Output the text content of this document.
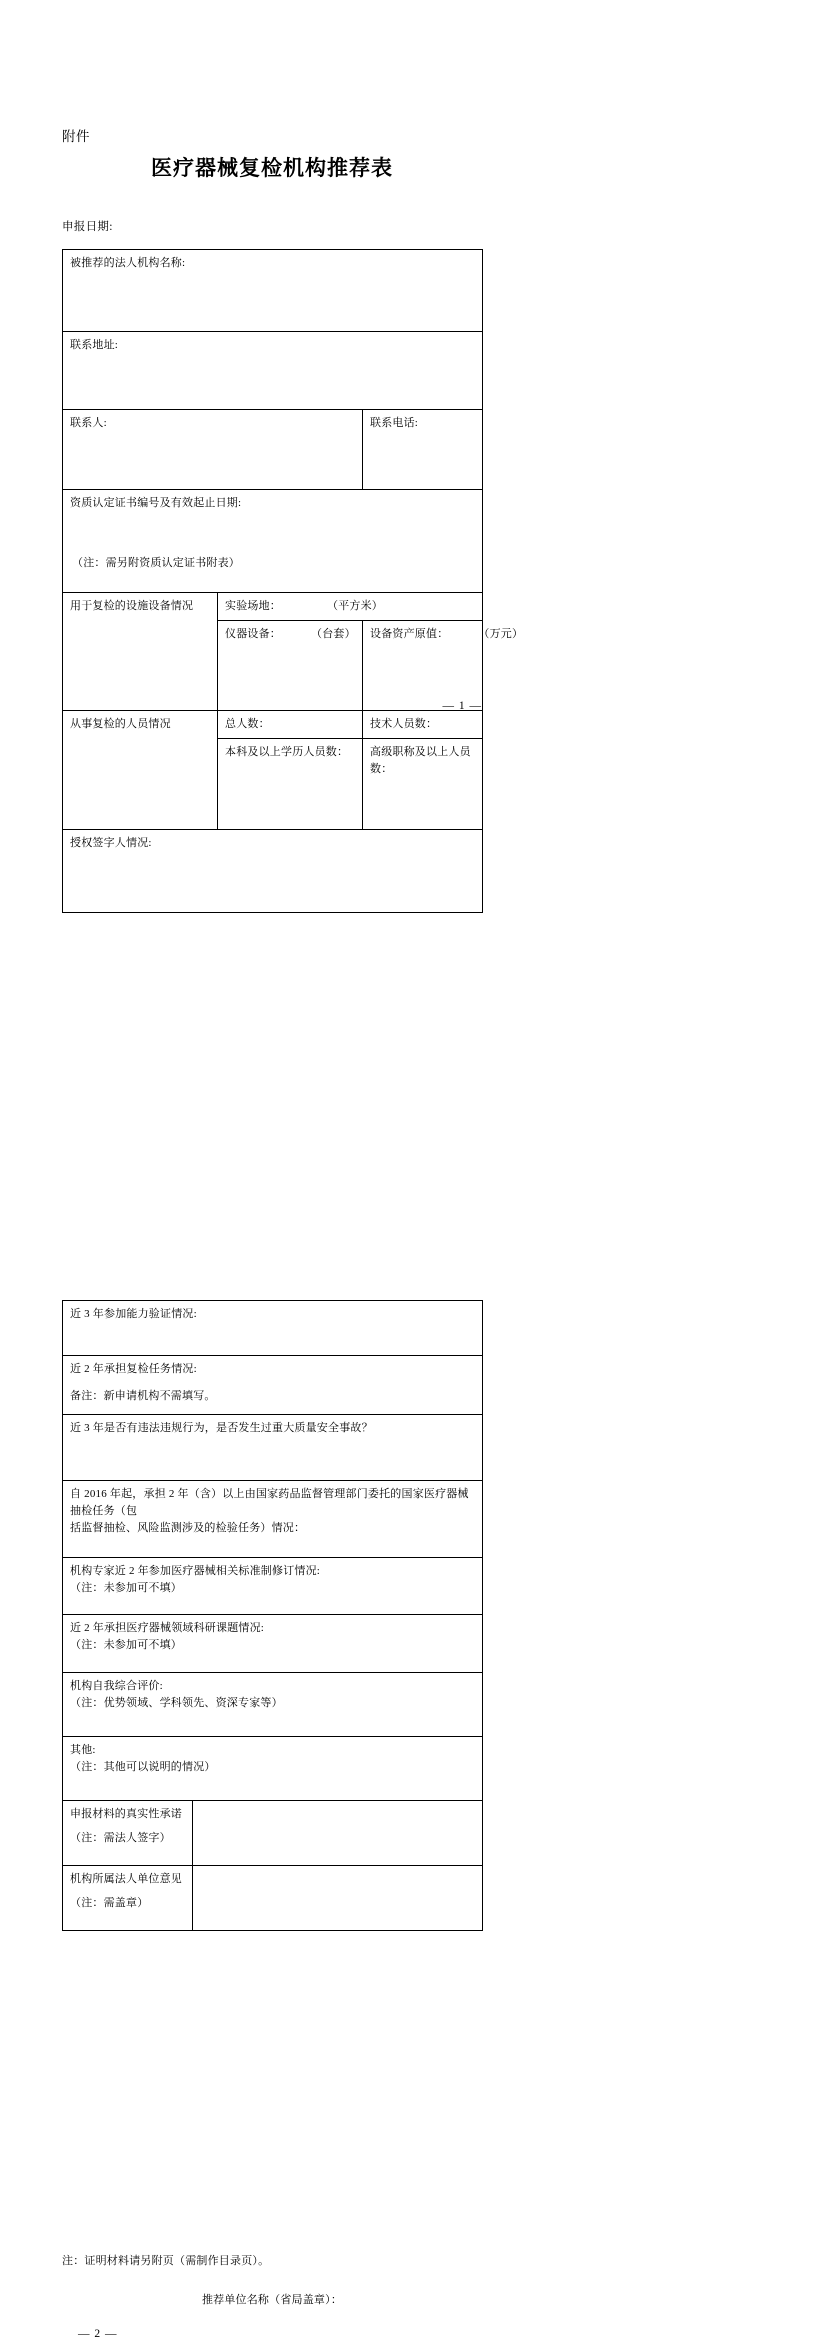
附件
医疗器械复检机构推荐表
申报日期:
被推荐的法人机构名称:		
联系地址:		
联系人:		联系电话:

资质认定证书编号及有效起止日期:
（注：需另附资质认定证书附表）		

用于复检的设施设备情况	实验场地： （平方米）	
	仪器设备： （台套）	设备资产原值： （万元）
从事复检的人员情况	总人数：	技术人员数：
	本科及以上学历人员数：	高级职称及以上人员数：
授权签字人情况:		
— 1 —
近 3 年参加能力验证情况:	

近 2 年承担复检任务情况:
备注：新申请机构不需填写。	

近 3 年是否有违法违规行为，是否发生过重大质量安全事故？	

自 2016 年起，承担 2 年（含）以上由国家药品监督管理部门委托的国家医疗器械抽检任务（包
括监督抽检、风险监测涉及的检验任务）情况：	

机构专家近 2 年参加医疗器械相关标准制修订情况:
（注：未参加可不填）	

近 2 年承担医疗器械领域科研课题情况:
（注：未参加可不填）	

机构自我综合评价:
（注：优势领域、学科领先、资深专家等）	

其他:
（注：其他可以说明的情况）	

申报材料的真实性承诺
（注：需法人签字）	

机构所属法人单位意见
（注：需盖章）	

注：证明材料请另附页（需制作目录页）。
推荐单位名称（省局盖章）：
— 2 —
